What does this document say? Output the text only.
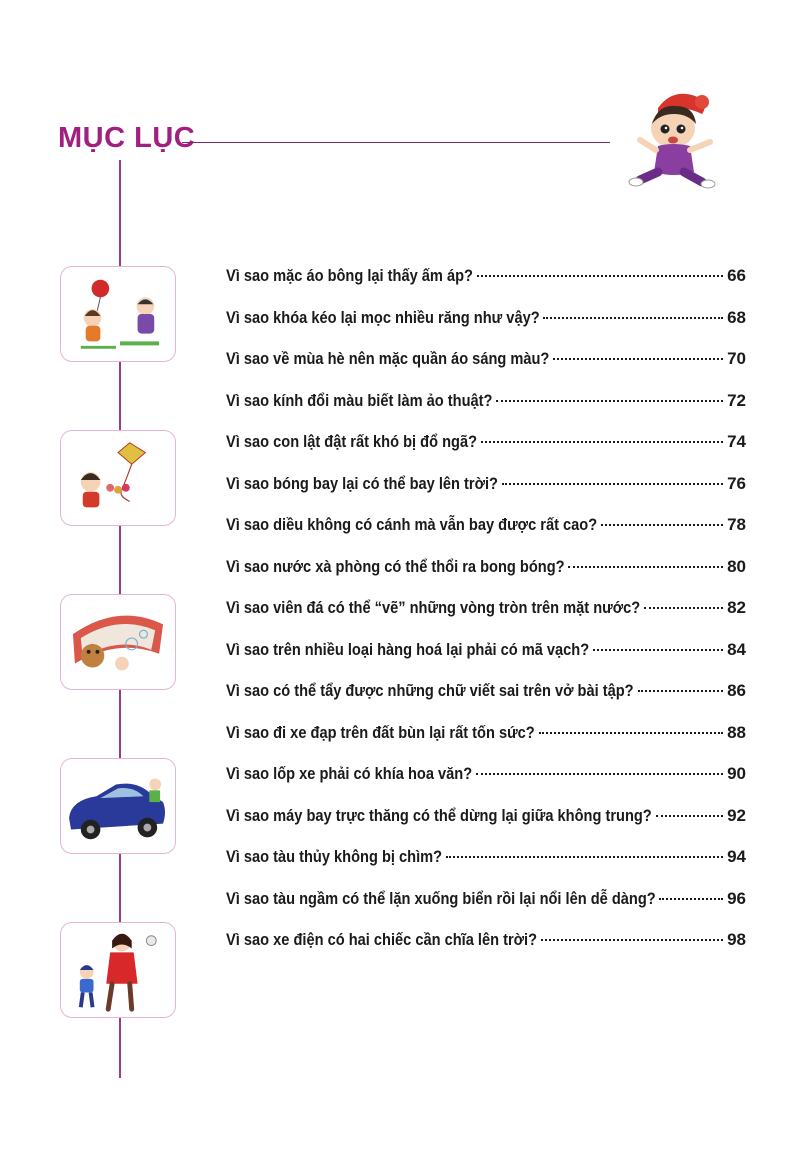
MỤC LỤC
Vì sao mặc áo bông lại thấy ấm áp?	66
Vì sao khóa kéo lại mọc nhiều răng như vậy?	68
Vì sao về mùa hè nên mặc quần áo sáng màu?	70
Vì sao kính đổi màu biết làm ảo thuật?	72
Vì sao con lật đật rất khó bị đổ ngã?	74
Vì sao bóng bay lại có thể bay lên trời?	76
Vì sao diều không có cánh mà vẫn bay được rất cao?	78
Vì sao nước xà phòng có thể thổi ra bong bóng?	80
Vì sao viên đá có thể “vẽ” những vòng tròn trên mặt nước?	82
Vì sao trên nhiều loại hàng hoá lại phải có mã vạch?	84
Vì sao có thể tẩy được những chữ viết sai trên vở bài tập?	86
Vì sao đi xe đạp trên đất bùn lại rất tốn sức?	88
Vì sao lốp xe phải có khía hoa văn?	90
Vì sao máy bay trực thăng có thể dừng lại giữa không trung?	92
Vì sao tàu thủy không bị chìm?	94
Vì sao tàu ngầm có thể lặn xuống biển rồi lại nổi lên dễ dàng?	96
Vì sao xe điện có hai chiếc cần chĩa lên trời?	98
